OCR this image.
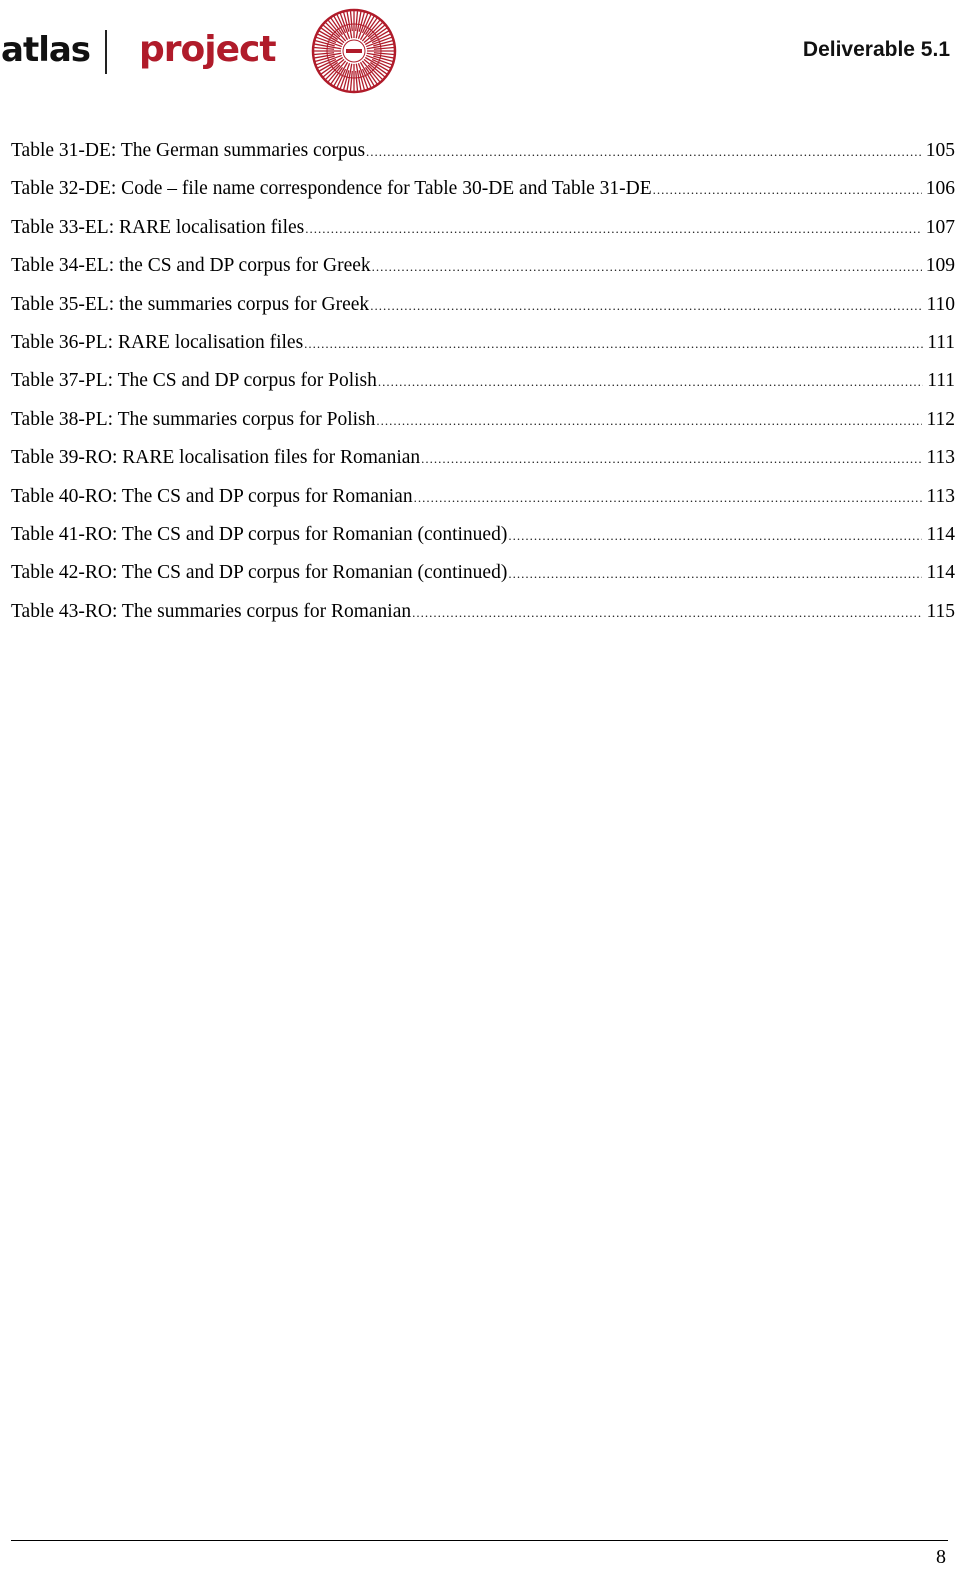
atlas project	Deliverable 5.1
Table 31-DE: The German summaries corpus .....	105
Table 32-DE: Code – file name correspondence for Table 30-DE and Table 31-DE .....	106
Table 33-EL: RARE localisation files .....	107
Table 34-EL: the CS and DP corpus for Greek .....	109
Table 35-EL: the summaries corpus for Greek .....	110
Table 36-PL: RARE localisation files .....	111
Table 37-PL: The CS and DP corpus for Polish .....	111
Table 38-PL: The summaries corpus for Polish .....	112
Table 39-RO: RARE localisation files for Romanian .....	113
Table 40-RO: The CS and DP corpus for Romanian .....	113
Table 41-RO: The CS and DP corpus for Romanian (continued) .....	114
Table 42-RO: The CS and DP corpus for Romanian (continued) .....	114
Table 43-RO: The summaries corpus for Romanian .....	115
8
